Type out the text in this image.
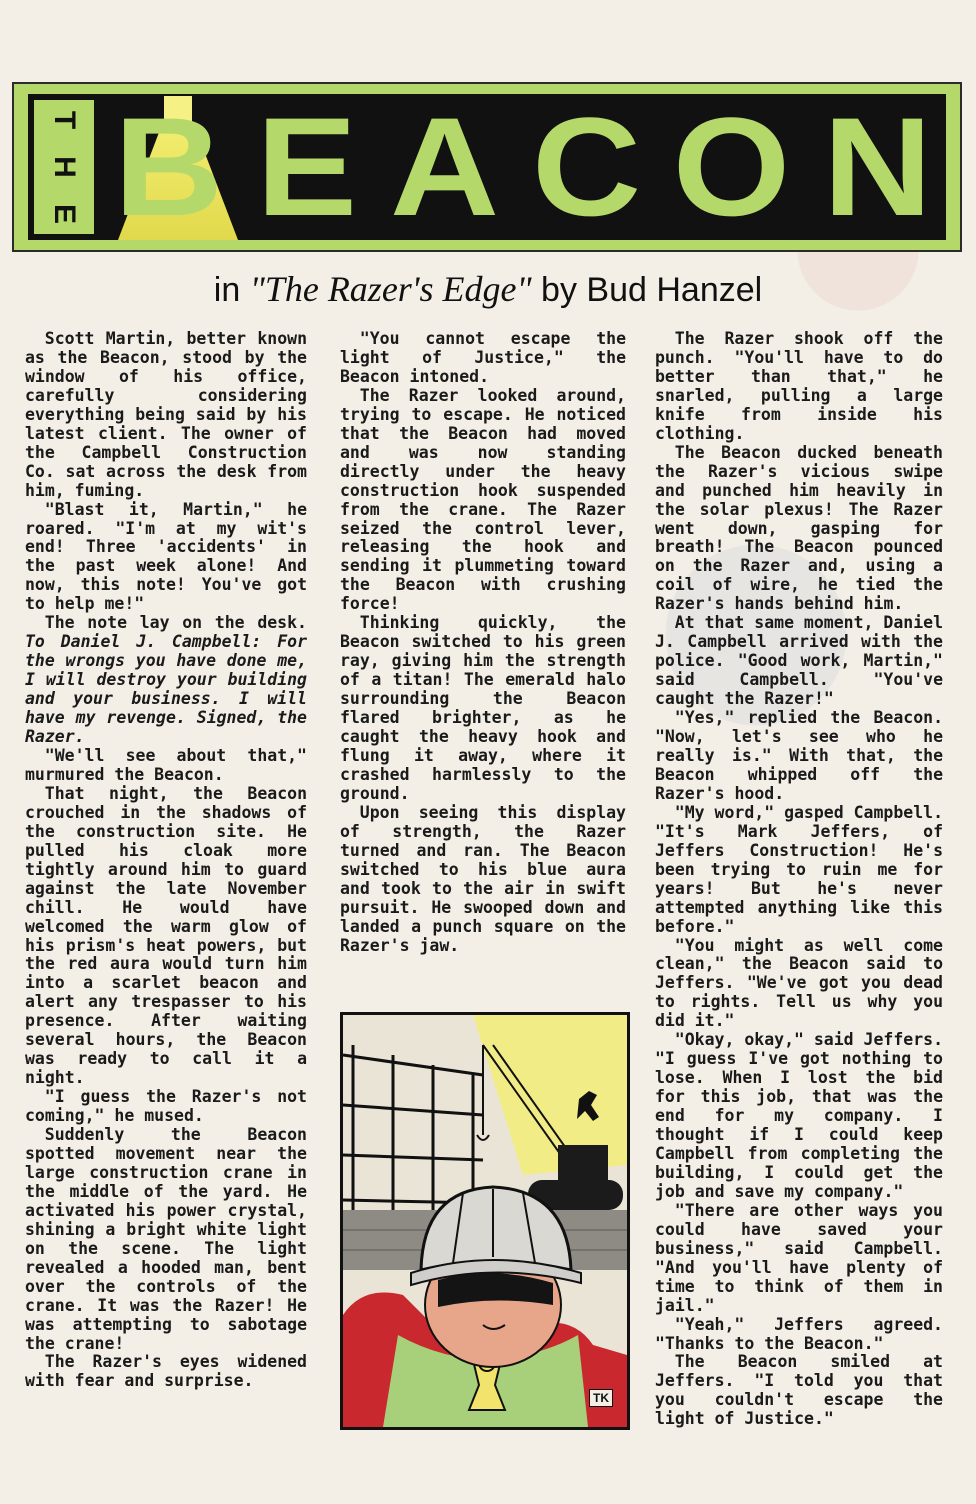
T
H
E B E A C O N
in "The Razer's Edge" by Bud Hanzel

Scott Martin, better known as the Beacon, stood by the window of his office, carefully considering everything being said by his latest client. The owner of the Campbell Construction Co. sat across the desk from him, fuming.

"Blast it, Martin," he roared. "I'm at my wit's end! Three 'accidents' in the past week alone! And now, this note! You've got to help me!"

The note lay on the desk. To Daniel J. Campbell: For the wrongs you have done me, I will destroy your building and your business. I will have my revenge. Signed, the Razer.

"We'll see about that," murmured the Beacon.

That night, the Beacon crouched in the shadows of the construction site. He pulled his cloak more tightly around him to guard against the late November chill. He would have welcomed the warm glow of his prism's heat powers, but the red aura would turn him into a scarlet beacon and alert any trespasser to his presence. After waiting several hours, the Beacon was ready to call it a night.

"I guess the Razer's not coming," he mused.

Suddenly the Beacon spotted movement near the large construction crane in the middle of the yard. He activated his power crystal, shining a bright white light on the scene. The light revealed a hooded man, bent over the controls of the crane. It was the Razer! He was attempting to sabotage the crane!

The Razer's eyes widened with fear and surprise.

"You cannot escape the light of Justice," the Beacon intoned.

The Razer looked around, trying to escape. He noticed that the Beacon had moved and was now standing directly under the heavy construction hook suspended from the crane. The Razer seized the control lever, releasing the hook and sending it plummeting toward the Beacon with crushing force!

Thinking quickly, the Beacon switched to his green ray, giving him the strength of a titan! The emerald halo surrounding the Beacon flared brighter, as he caught the heavy hook and flung it away, where it crashed harmlessly to the ground.

Upon seeing this display of strength, the Razer turned and ran. The Beacon switched to his blue aura and took to the air in swift pursuit. He swooped down and landed a punch square on the Razer's jaw.

The Razer shook off the punch. "You'll have to do better than that," he snarled, pulling a large knife from inside his clothing.

The Beacon ducked beneath the Razer's vicious swipe and punched him heavily in the solar plexus! The Razer went down, gasping for breath! The Beacon pounced on the Razer and, using a coil of wire, he tied the Razer's hands behind him.

At that same moment, Daniel J. Campbell arrived with the police. "Good work, Martin," said Campbell. "You've caught the Razer!"

"Yes," replied the Beacon. "Now, let's see who he really is." With that, the Beacon whipped off the Razer's hood.

"My word," gasped Campbell. "It's Mark Jeffers, of Jeffers Construction! He's been trying to ruin me for years! But he's never attempted anything like this before."

"You might as well come clean," the Beacon said to Jeffers. "We've got you dead to rights. Tell us why you did it."

"Okay, okay," said Jeffers. "I guess I've got nothing to lose. When I lost the bid for this job, that was the end for my company. I thought if I could keep Campbell from completing the building, I could get the job and save my company."

"There are other ways you could have saved your business," said Campbell. "And you'll have plenty of time to think of them in jail."

"Yeah," Jeffers agreed. "Thanks to the Beacon."

The Beacon smiled at Jeffers. "I told you that you couldn't escape the light of Justice."

TK
